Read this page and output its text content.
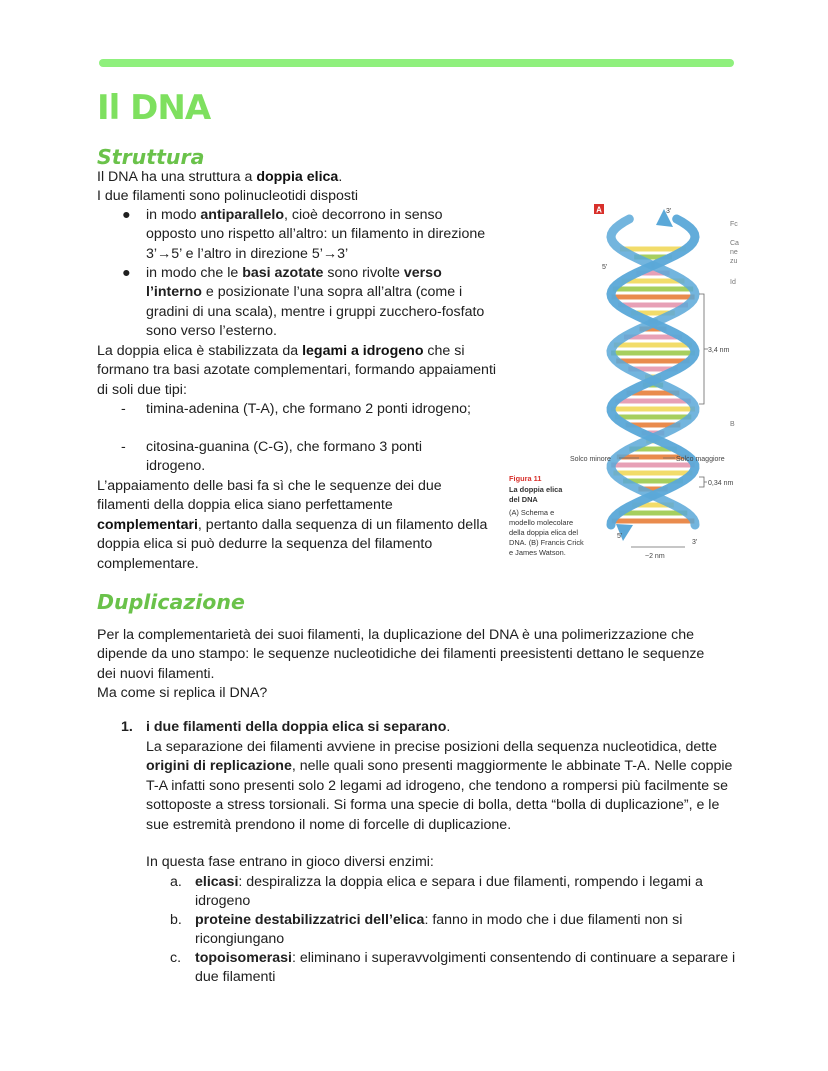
Il DNA
Struttura

Il DNA ha una struttura a doppia elica.

I due filamenti sono polinucleotidi disposti

● in modo antiparallelo, cioè decorrono in senso opposto uno rispetto all’altro: un filamento in direzione 3’→5’ e l’altro in direzione 5’→3’

● in modo che le basi azotate sono rivolte verso l’interno e posizionate l’una sopra all’altra (come i gradini di una scala), mentre i gruppi zucchero-fosfato sono verso l’esterno.

La doppia elica è stabilizzata da legami a idrogeno che si formano tra basi azotate complementari, formando appaiamenti di soli due tipi:

- timina-adenina (T-A), che formano 2 ponti idrogeno;

- citosina-guanina (C-G), che formano 3 ponti idrogeno.

L’appaiamento delle basi fa sì che le sequenze dei due filamenti della doppia elica siano perfettamente complementari, pertanto dalla sequenza di un filamento della doppia elica si può dedurre la sequenza del filamento complementare.

A	3'
5'
5'
3'
3,4 nm
Solco minore	Solco maggiore
0,34 nm
~2 nm
Fc
Ca
ne
zu
Id
B
Figura 11
La doppia elica
del DNA
(A) Schema e
modello molecolare
della doppia elica del
DNA. (B) Francis Crick
e James Watson.
Duplicazione

Per la complementarietà dei suoi filamenti, la duplicazione del DNA è una polimerizzazione che dipende da uno stampo: le sequenze nucleotidiche dei filamenti preesistenti dettano le sequenze dei nuovi filamenti.

Ma come si replica il DNA?

1. i due filamenti della doppia elica si separano.

La separazione dei filamenti avviene in precise posizioni della sequenza nucleotidica, dette origini di replicazione, nelle quali sono presenti maggiormente le abbinate T-A. Nelle coppie T-A infatti sono presenti solo 2 legami ad idrogeno, che tendono a rompersi più facilmente se sottoposte a stress torsionali. Si forma una specie di bolla, detta “bolla di duplicazione”, e le sue estremità prendono il nome di forcelle di duplicazione.

In questa fase entrano in gioco diversi enzimi:

a. elicasi: despiralizza la doppia elica e separa i due filamenti, rompendo i legami a idrogeno

b. proteine destabilizzatrici dell’elica: fanno in modo che i due filamenti non si ricongiungano

c. topoisomerasi: eliminano i superavvolgimenti consentendo di continuare a separare i due filamenti
